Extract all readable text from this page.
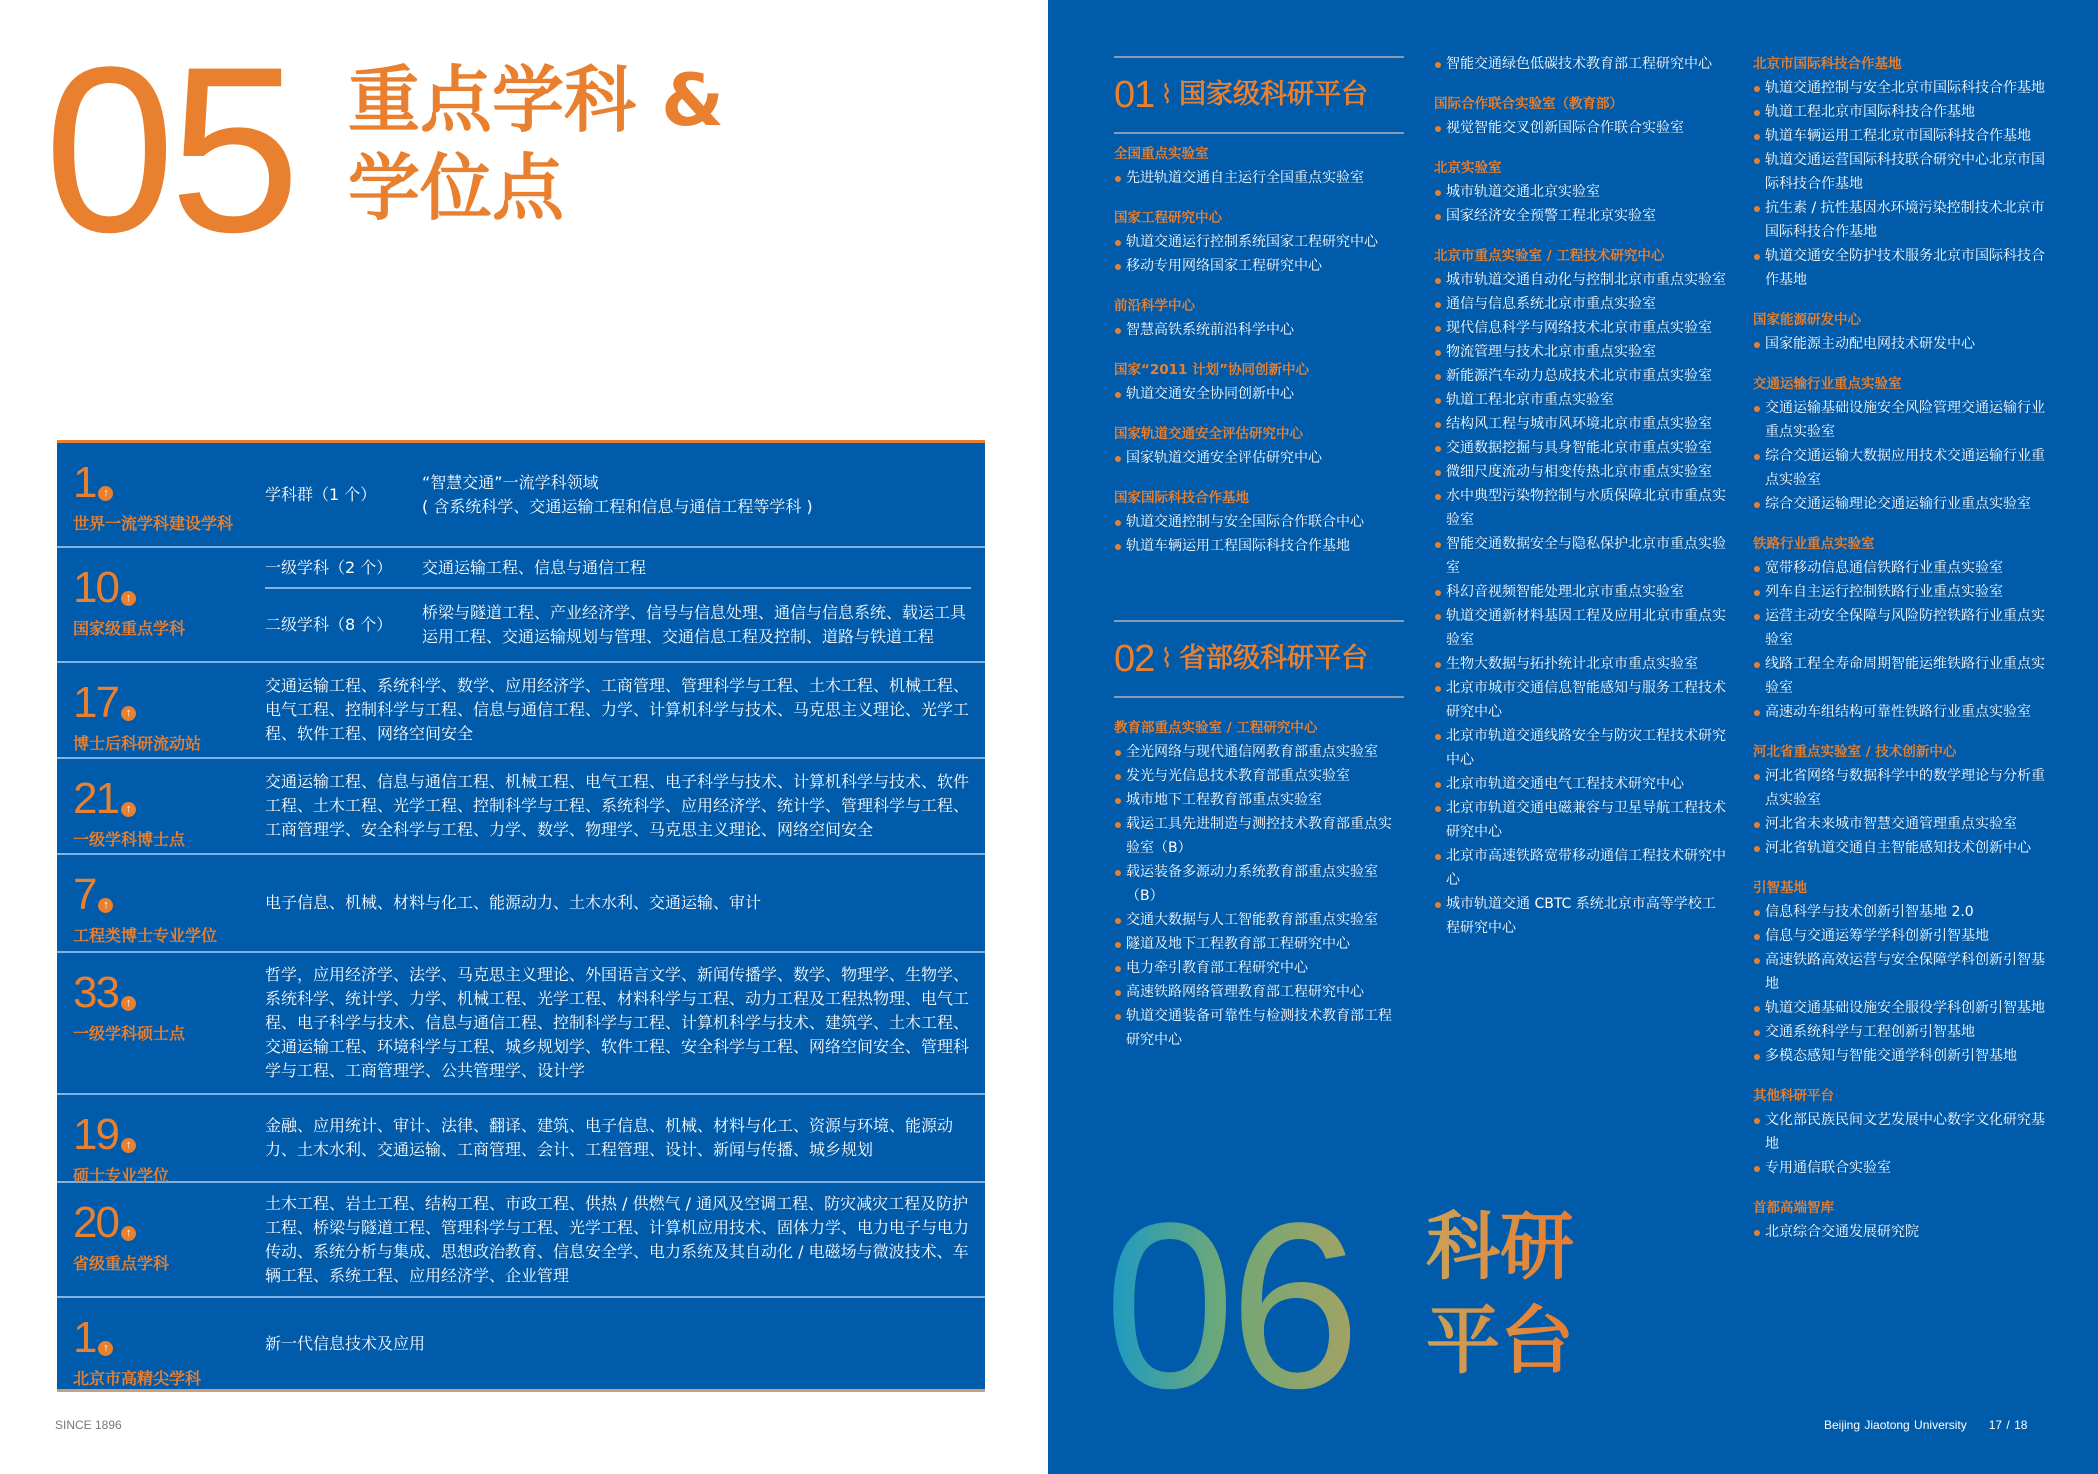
05 重点学科 &
学位点
1 ↑
世界一流学科建设学科
学科群（1 个）
“智慧交通”一流学科领域
( 含系统科学、交通运输工程和信息与通信工程等学科 )
10 ↑
国家级重点学科
一级学科（2 个）	交通运输工程、信息与通信工程
二级学科（8 个）
桥梁与隧道工程、产业经济学、信号与信息处理、通信与信息系统、载运工具运用工程、交通运输规划与管理、交通信息工程及控制、道路与铁道工程
17 ↑
博士后科研流动站
交通运输工程、系统科学、数学、应用经济学、工商管理、管理科学与工程、土木工程、机械工程、电气工程、控制科学与工程、信息与通信工程、力学、计算机科学与技术、马克思主义理论、光学工程、软件工程、网络空间安全
21 ↑
一级学科博士点
交通运输工程、信息与通信工程、机械工程、电气工程、电子科学与技术、计算机科学与技术、软件工程、土木工程、光学工程、控制科学与工程、系统科学、应用经济学、统计学、管理科学与工程、工商管理学、安全科学与工程、力学、数学、物理学、马克思主义理论、网络空间安全
7 ↑
工程类博士专业学位
电子信息、机械、材料与化工、能源动力、土木水利、交通运输、审计
33 ↑
一级学科硕士点
哲学，应用经济学、法学、马克思主义理论、外国语言文学、新闻传播学、数学、物理学、生物学、系统科学、统计学、力学、机械工程、光学工程、材料科学与工程、动力工程及工程热物理、电气工程、电子科学与技术、信息与通信工程、控制科学与工程、计算机科学与技术、建筑学、土木工程、交通运输工程、环境科学与工程、城乡规划学、软件工程、安全科学与工程、网络空间安全、管理科学与工程、工商管理学、公共管理学、设计学
19 ↑
硕士专业学位
金融、应用统计、审计、法律、翻译、建筑、电子信息、机械、材料与化工、资源与环境、能源动力、土木水利、交通运输、工商管理、会计、工程管理、设计、新闻与传播、城乡规划
20 ↑
省级重点学科
土木工程、岩土工程、结构工程、市政工程、供热 / 供燃气 / 通风及空调工程、防灾减灾工程及防护工程、桥梁与隧道工程、管理科学与工程、光学工程、计算机应用技术、固体力学、电力电子与电力传动、系统分析与集成、思想政治教育、信息安全学、电力系统及其自动化 / 电磁场与微波技术、车辆工程、系统工程、应用经济学、企业管理
1 ↑
北京市高精尖学科
新一代信息技术及应用
SINCE 1896
01 ⌇ 国家级科研平台
全国重点实验室
先进轨道交通自主运行全国重点实验室
国家工程研究中心
轨道交通运行控制系统国家工程研究中心
移动专用网络国家工程研究中心
前沿科学中心
智慧高铁系统前沿科学中心
国家“2011 计划”协同创新中心
轨道交通安全协同创新中心
国家轨道交通安全评估研究中心
国家轨道交通安全评估研究中心
国家国际科技合作基地
轨道交通控制与安全国际合作联合中心
轨道车辆运用工程国际科技合作基地
02 ⌇ 省部级科研平台
教育部重点实验室 / 工程研究中心
全光网络与现代通信网教育部重点实验室
发光与光信息技术教育部重点实验室
城市地下工程教育部重点实验室
载运工具先进制造与测控技术教育部重点实验室（B）
载运装备多源动力系统教育部重点实验室（B）
交通大数据与人工智能教育部重点实验室
隧道及地下工程教育部工程研究中心
电力牵引教育部工程研究中心
高速铁路网络管理教育部工程研究中心
轨道交通装备可靠性与检测技术教育部工程研究中心
智能交通绿色低碳技术教育部工程研究中心
国际合作联合实验室（教育部）
视觉智能交叉创新国际合作联合实验室
北京实验室
城市轨道交通北京实验室
国家经济安全预警工程北京实验室
北京市重点实验室 / 工程技术研究中心
城市轨道交通自动化与控制北京市重点实验室
通信与信息系统北京市重点实验室
现代信息科学与网络技术北京市重点实验室
物流管理与技术北京市重点实验室
新能源汽车动力总成技术北京市重点实验室
轨道工程北京市重点实验室
结构风工程与城市风环境北京市重点实验室
交通数据挖掘与具身智能北京市重点实验室
微细尺度流动与相变传热北京市重点实验室
水中典型污染物控制与水质保障北京市重点实验室
智能交通数据安全与隐私保护北京市重点实验室
科幻音视频智能处理北京市重点实验室
轨道交通新材料基因工程及应用北京市重点实验室
生物大数据与拓扑统计北京市重点实验室
北京市城市交通信息智能感知与服务工程技术研究中心
北京市轨道交通线路安全与防灾工程技术研究中心
北京市轨道交通电气工程技术研究中心
北京市轨道交通电磁兼容与卫星导航工程技术研究中心
北京市高速铁路宽带移动通信工程技术研究中心
城市轨道交通 CBTC 系统北京市高等学校工程研究中心
北京市国际科技合作基地
轨道交通控制与安全北京市国际科技合作基地
轨道工程北京市国际科技合作基地
轨道车辆运用工程北京市国际科技合作基地
轨道交通运营国际科技联合研究中心北京市国际科技合作基地
抗生素 / 抗性基因水环境污染控制技术北京市国际科技合作基地
轨道交通安全防护技术服务北京市国际科技合作基地
国家能源研发中心
国家能源主动配电网技术研发中心
交通运输行业重点实验室
交通运输基础设施安全风险管理交通运输行业重点实验室
综合交通运输大数据应用技术交通运输行业重点实验室
综合交通运输理论交通运输行业重点实验室
铁路行业重点实验室
宽带移动信息通信铁路行业重点实验室
列车自主运行控制铁路行业重点实验室
运营主动安全保障与风险防控铁路行业重点实验室
线路工程全寿命周期智能运维铁路行业重点实验室
高速动车组结构可靠性铁路行业重点实验室
河北省重点实验室 / 技术创新中心
河北省网络与数据科学中的数学理论与分析重点实验室
河北省未来城市智慧交通管理重点实验室
河北省轨道交通自主智能感知技术创新中心
引智基地
信息科学与技术创新引智基地 2.0
信息与交通运筹学学科创新引智基地
高速铁路高效运营与安全保障学科创新引智基地
轨道交通基础设施安全服役学科创新引智基地
交通系统科学与工程创新引智基地
多模态感知与智能交通学科创新引智基地
其他科研平台
文化部民族民间文艺发展中心数字文化研究基地
专用通信联合实验室
首都高端智库
北京综合交通发展研究院
06 科研
平台
Beijing Jiaotong University 17 / 18
